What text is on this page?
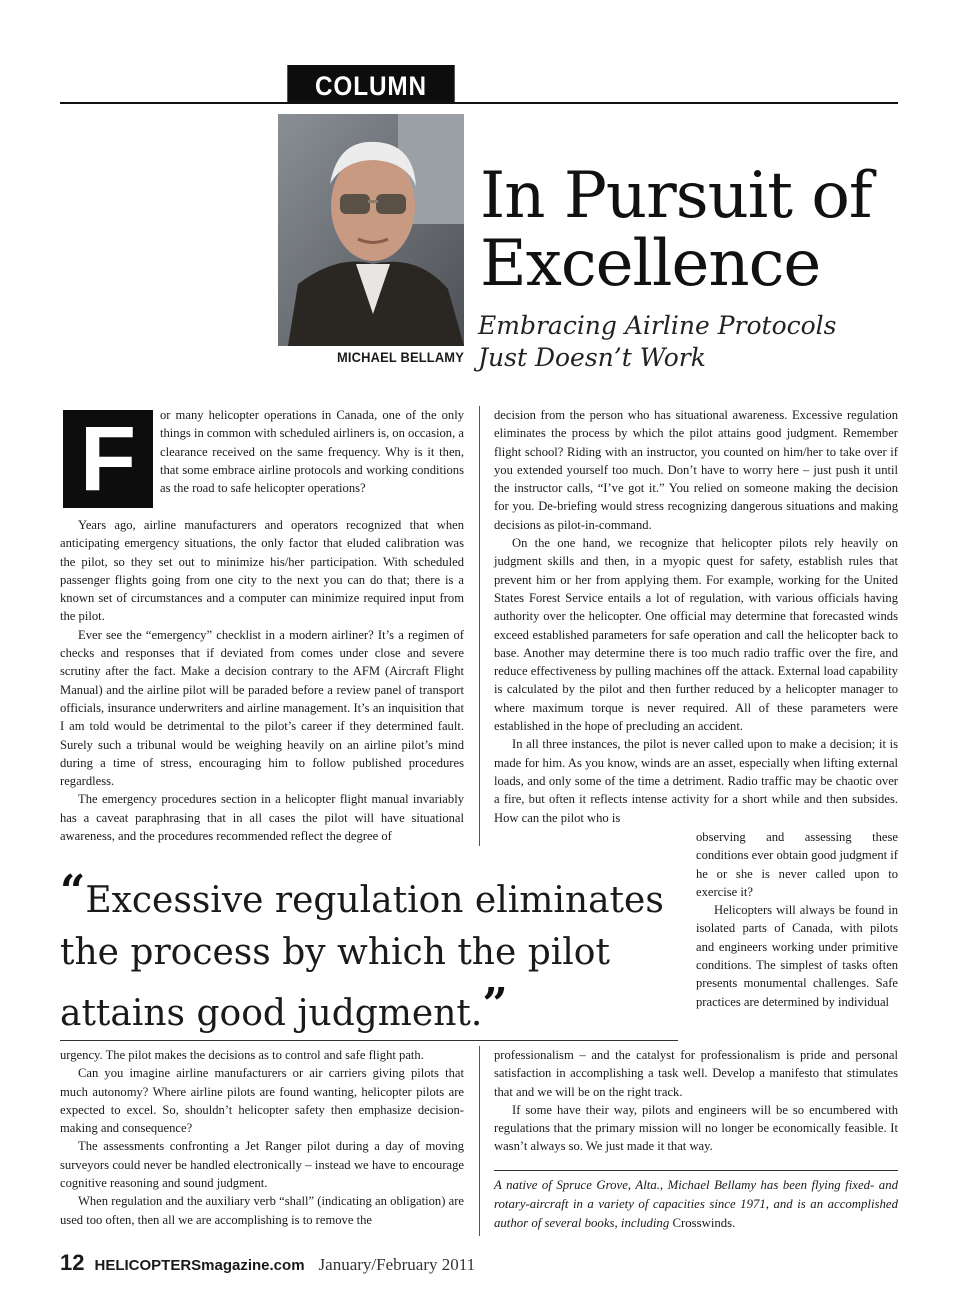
COLUMN
MICHAEL BELLAMY
In Pursuit of
Excellence
Embracing Airline Protocols
Just Doesn’t Work
F	or many helicopter operations in Canada, one of the only things in common with scheduled airliners is, on occasion, a clearance received on the same frequency. Why is it then, that some embrace airline protocols and working conditions as the road to safe helicopter operations?

Years ago, airline manufacturers and operators recognized that when anticipating emergency situations, the only factor that eluded calibration was the pilot, so they set out to minimize his/her participation. With scheduled passenger flights going from one city to the next you can do that; there is a known set of circumstances and a computer can minimize required input from the pilot.

Ever see the “emergency” checklist in a modern airliner? It’s a regimen of checks and responses that if deviated from comes under close and severe scrutiny after the fact. Make a decision contrary to the AFM (Aircraft Flight Manual) and the airline pilot will be paraded before a review panel of transport officials, insurance underwriters and airline management. It’s an inquisition that I am told would be detrimental to the pilot’s career if they determined fault. Surely such a tribunal would be weighing heavily on an airline pilot’s mind during a time of stress, encouraging him to follow published procedures regardless.

The emergency procedures section in a helicopter flight manual invariably has a caveat paraphrasing that in all cases the pilot will have situational awareness, and the procedures recommended reflect the degree of

decision from the person who has situational awareness. Excessive regulation eliminates the process by which the pilot attains good judgment. Remember flight school? Riding with an instructor, you counted on him/her to take over if you extended yourself too much. Don’t have to worry here – just push it until the instructor calls, “I’ve got it.” You relied on someone making the decision for you. De-briefing would stress recognizing dangerous situations and making decisions as pilot-in-command.

On the one hand, we recognize that helicopter pilots rely heavily on judgment skills and then, in a myopic quest for safety, establish rules that prevent him or her from applying them. For example, working for the United States Forest Service entails a lot of regulation, with various officials having authority over the helicopter. One official may determine that forecasted winds exceed established parameters for safe operation and call the helicopter back to base. Another may determine there is too much radio traffic over the fire, and reduce effectiveness by pulling machines off the attack. External load capability is calculated by the pilot and then further reduced by a helicopter manager to where maximum torque is never required. All of these parameters were established in the hope of precluding an accident.

In all three instances, the pilot is never called upon to make a decision; it is made for him. As you know, winds are an asset, especially when lifting external loads, and only some of the time a detriment. Radio traffic may be chaotic over a fire, but often it reflects intense activity for a short while and then subsides. How can the pilot who is

observing and assessing these conditions ever obtain good judgment if he or she is never called upon to exercise it?

Helicopters will always be found in isolated parts of Canada, with pilots and engineers working under primitive conditions. The simplest of tasks often presents monumental challenges. Safe practices are determined by individual

“Excessive regulation eliminates the process by which the pilot attains good judgment.”

urgency. The pilot makes the decisions as to control and safe flight path.

Can you imagine airline manufacturers or air carriers giving pilots that much autonomy? Where airline pilots are found wanting, helicopter pilots are expected to excel. So, shouldn’t helicopter safety then emphasize decision-making and consequence?

The assessments confronting a Jet Ranger pilot during a day of moving surveyors could never be handled electronically – instead we have to encourage cognitive reasoning and sound judgment.

When regulation and the auxiliary verb “shall” (indicating an obligation) are used too often, then all we are accomplishing is to remove the

professionalism – and the catalyst for professionalism is pride and personal satisfaction in accomplishing a task well. Develop a manifesto that stimulates that and we will be on the right track.

If some have their way, pilots and engineers will be so encumbered with regulations that the primary mission will no longer be economically feasible. It wasn’t always so. We just made it that way.

A native of Spruce Grove, Alta., Michael Bellamy has been flying fixed- and rotary-aircraft in a variety of capacities since 1971, and is an accomplished author of several books, including Crosswinds.

12 HELICOPTERSmagazine.com January/February 2011
